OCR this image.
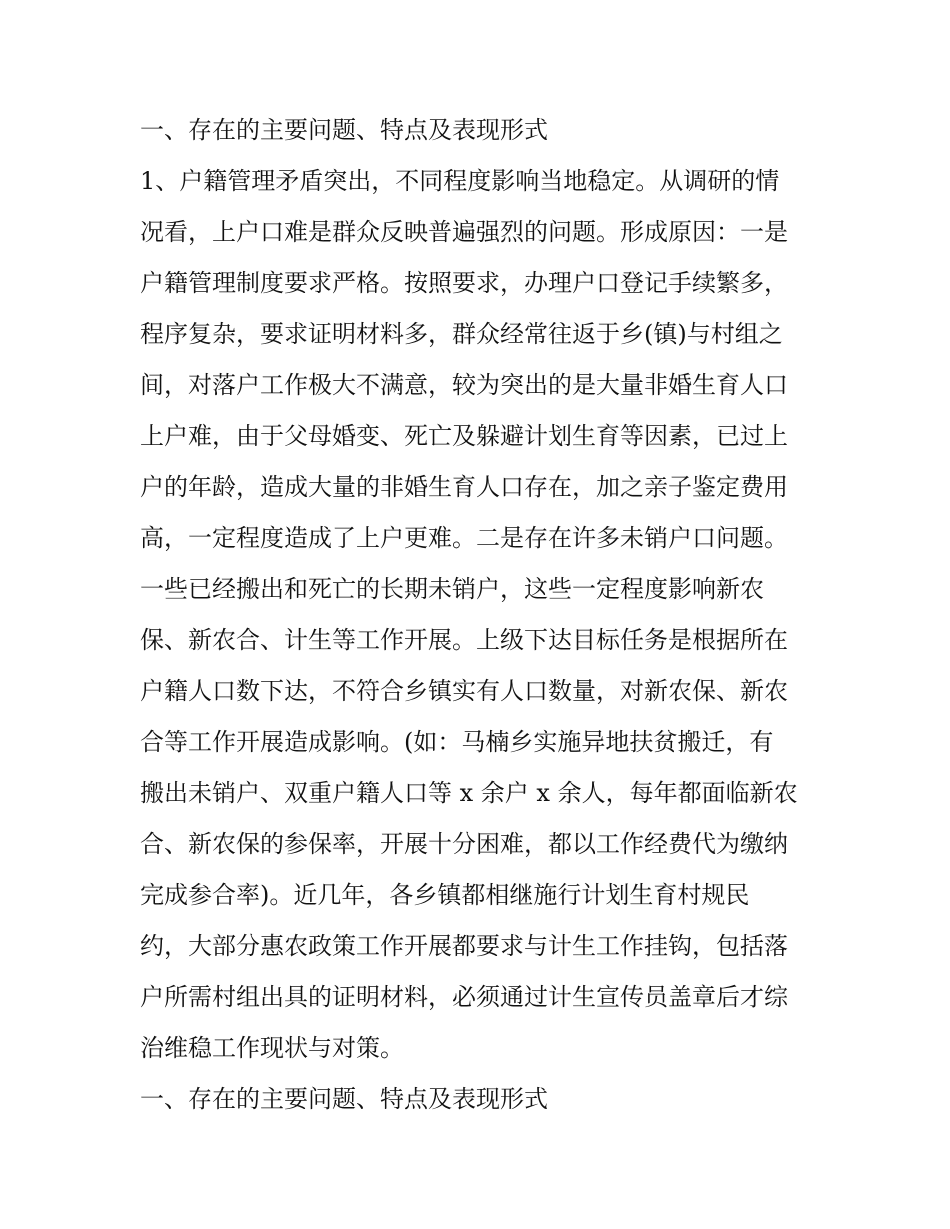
一、存在的主要问题、特点及表现形式
1、户籍管理矛盾突出，不同程度影响当地稳定。从调研的情
况看，上户口难是群众反映普遍强烈的问题。形成原因：一是
户籍管理制度要求严格。按照要求，办理户口登记手续繁多，
程序复杂，要求证明材料多，群众经常往返于乡(镇)与村组之
间，对落户工作极大不满意，较为突出的是大量非婚生育人口
上户难，由于父母婚变、死亡及躲避计划生育等因素，已过上
户的年龄，造成大量的非婚生育人口存在，加之亲子鉴定费用
高，一定程度造成了上户更难。二是存在许多未销户口问题。
一些已经搬出和死亡的长期未销户，这些一定程度影响新农
保、新农合、计生等工作开展。上级下达目标任务是根据所在
户籍人口数下达，不符合乡镇实有人口数量，对新农保、新农
合等工作开展造成影响。(如：马楠乡实施异地扶贫搬迁，有
搬出未销户、双重户籍人口等 x 余户 x 余人，每年都面临新农
合、新农保的参保率，开展十分困难，都以工作经费代为缴纳
完成参合率)。近几年，各乡镇都相继施行计划生育村规民
约，大部分惠农政策工作开展都要求与计生工作挂钩，包括落
户所需村组出具的证明材料，必须通过计生宣传员盖章后才综
治维稳工作现状与对策。
一、存在的主要问题、特点及表现形式
